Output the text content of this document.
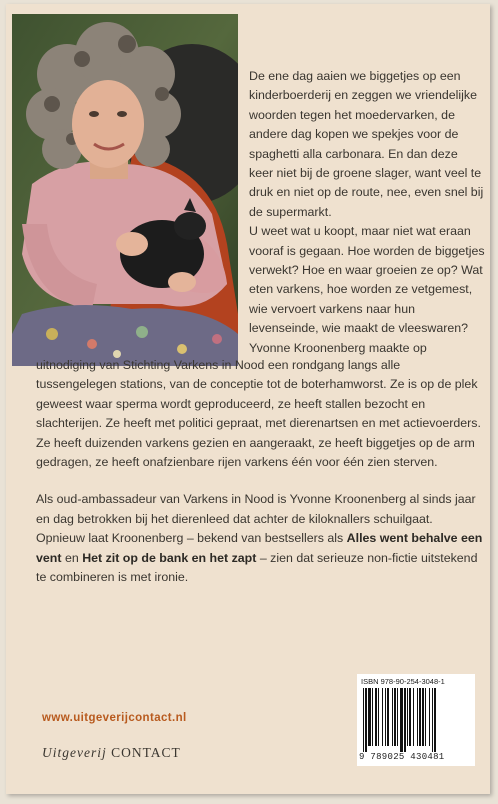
De ene dag aaien we biggetjes op een kinderboerderij en zeggen we vriendelijke woorden tegen het moedervarken, de andere dag kopen we spekjes voor de spaghetti alla carbonara. En dan deze keer niet bij de groene slager, want veel te druk en niet op de route, nee, even snel bij de supermarkt.

U weet wat u koopt, maar niet wat eraan vooraf is gegaan. Hoe worden de biggetjes verwekt? Hoe en waar groeien ze op? Wat eten varkens, hoe worden ze vetgemest, wie vervoert varkens naar hun levenseinde, wie maakt de vleeswaren?

Yvonne Kroonenberg maakte op

uitnodiging van Stichting Varkens in Nood een rondgang langs alle tussengelegen stations, van de conceptie tot de boterhamworst. Ze is op de plek geweest waar sperma wordt geproduceerd, ze heeft stallen bezocht en slachterijen. Ze heeft met politici gepraat, met dierenartsen en met actievoerders. Ze heeft duizenden varkens gezien en aangeraakt, ze heeft biggetjes op de arm gedragen, ze heeft onafzienbare rijen varkens één voor één zien sterven.

Als oud-ambassadeur van Varkens in Nood is Yvonne Kroonenberg al sinds jaar en dag betrokken bij het dierenleed dat achter de kiloknallers schuilgaat. Opnieuw laat Kroonenberg – bekend van bestsellers als Alles went behalve een vent en Het zit op de bank en het zapt – zien dat serieuze non-fictie uitstekend te combineren is met ironie.

ISBN 978-90-254-3048-1
9 789025 430481
www.uitgeverijcontact.nl
Uitgeverij CONTACT
